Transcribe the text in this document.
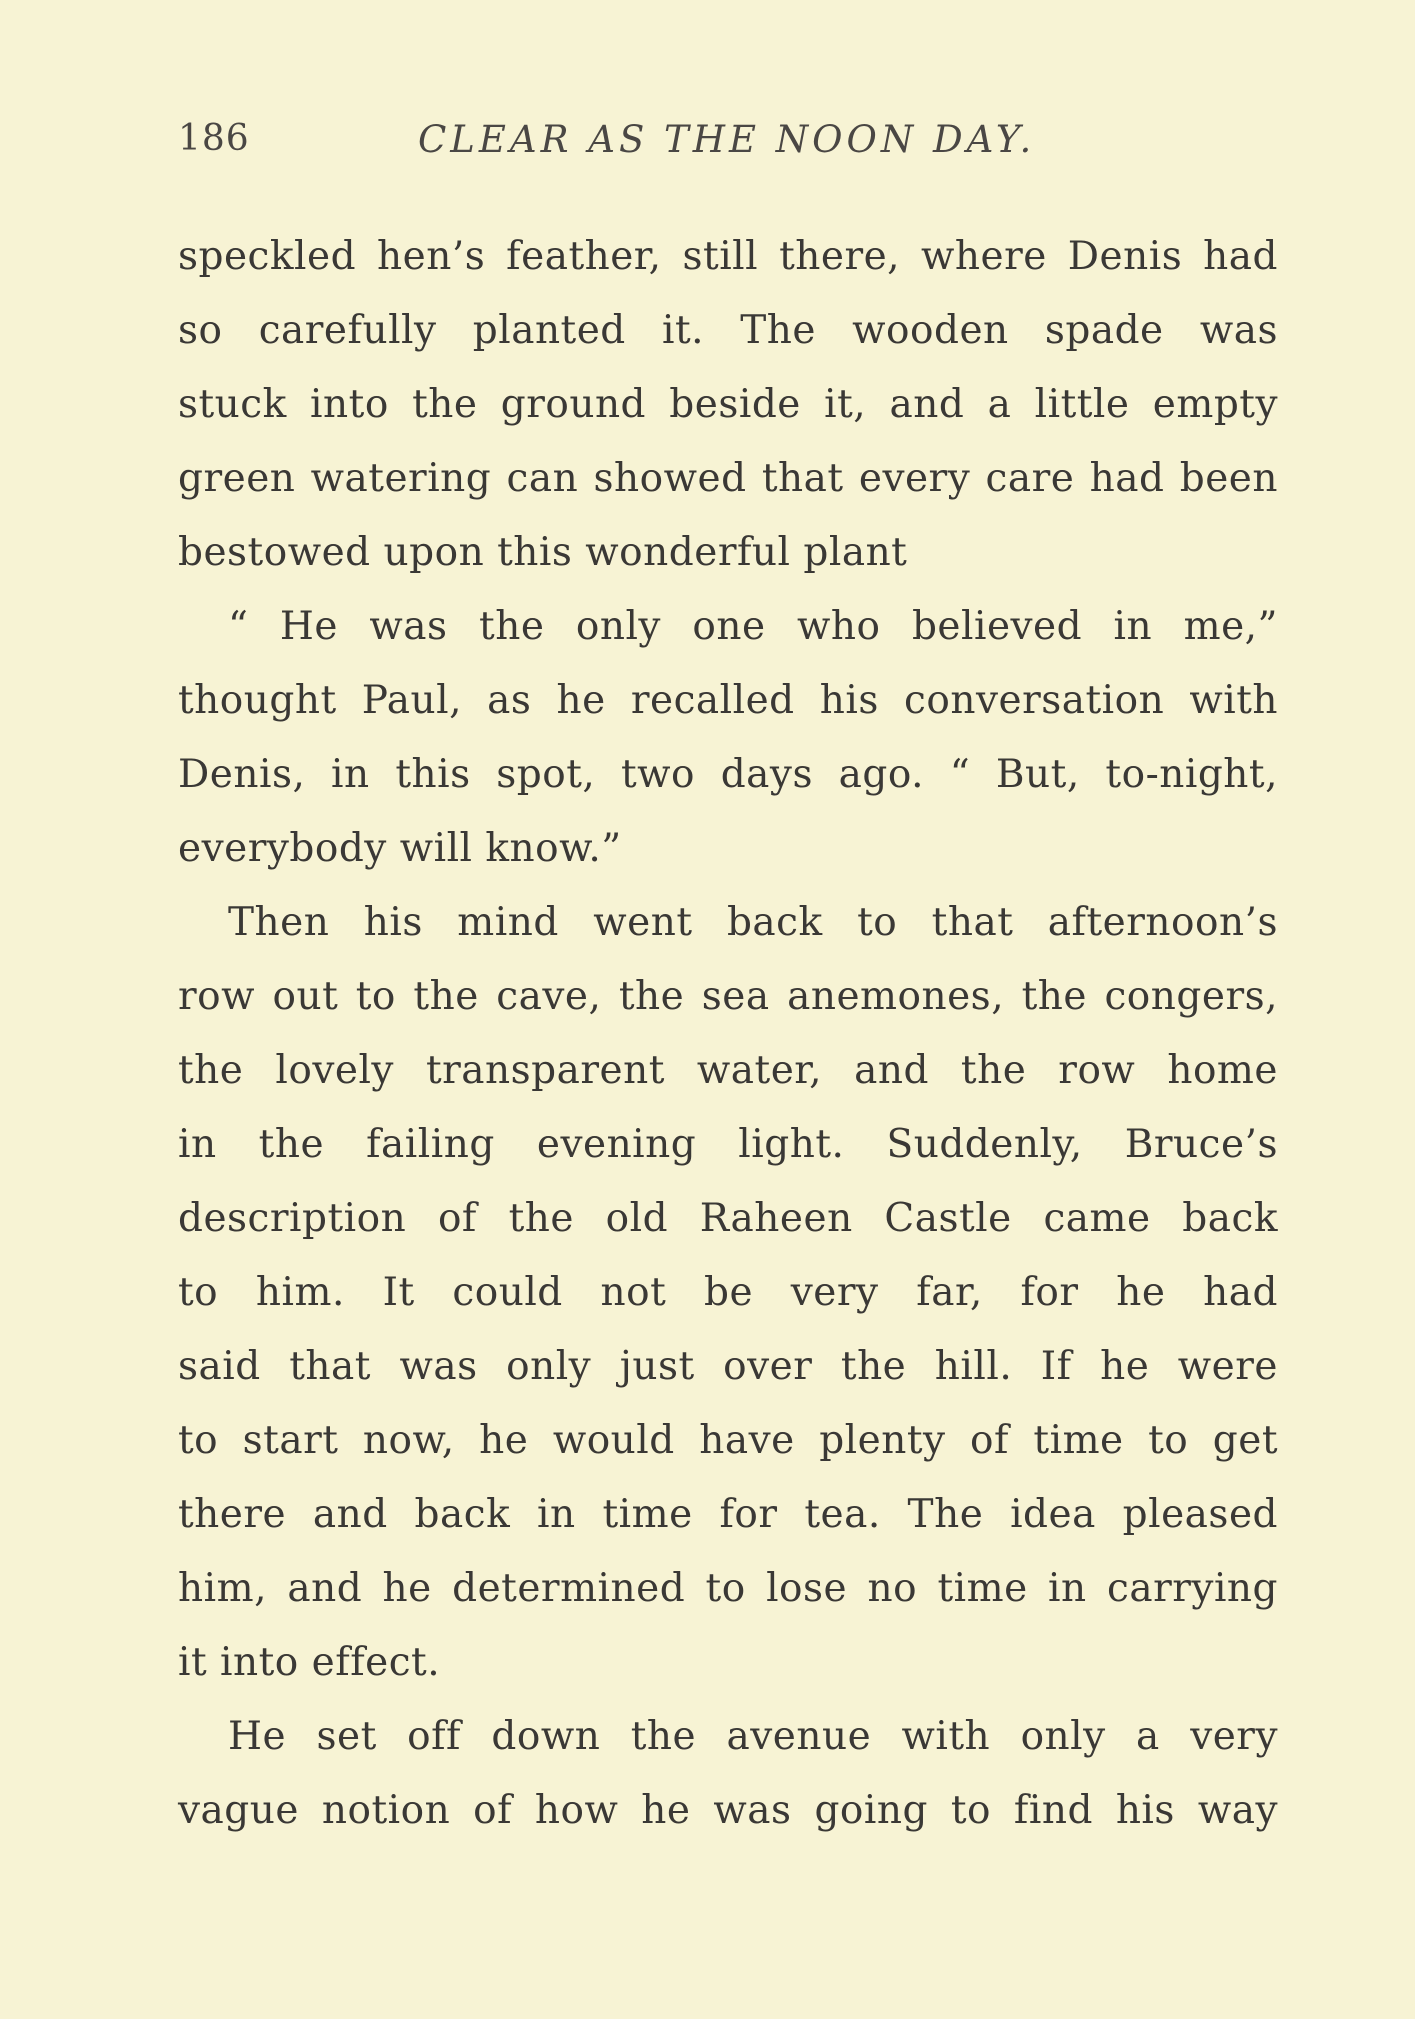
186	CLEAR AS THE NOON DAY.
speckled hen’s feather, still there, where Denis had
so carefully planted it. The wooden spade was
stuck into the ground beside it, and a little empty
green watering can showed that every care had been
bestowed upon this wonderful plant
“ He was the only one who believed in me,”
thought Paul, as he recalled his conversation with
Denis, in this spot, two days ago. “ But, to-night,
everybody will know.”
Then his mind went back to that afternoon’s
row out to the cave, the sea anemones, the congers,
the lovely transparent water, and the row home
in the failing evening light. Suddenly, Bruce’s
description of the old Raheen Castle came back
to him. It could not be very far, for he had
said that was only just over the hill. If he were
to start now, he would have plenty of time to get
there and back in time for tea. The idea pleased
him, and he determined to lose no time in carrying
it into effect.
He set off down the avenue with only a very
vague notion of how he was going to find his way
